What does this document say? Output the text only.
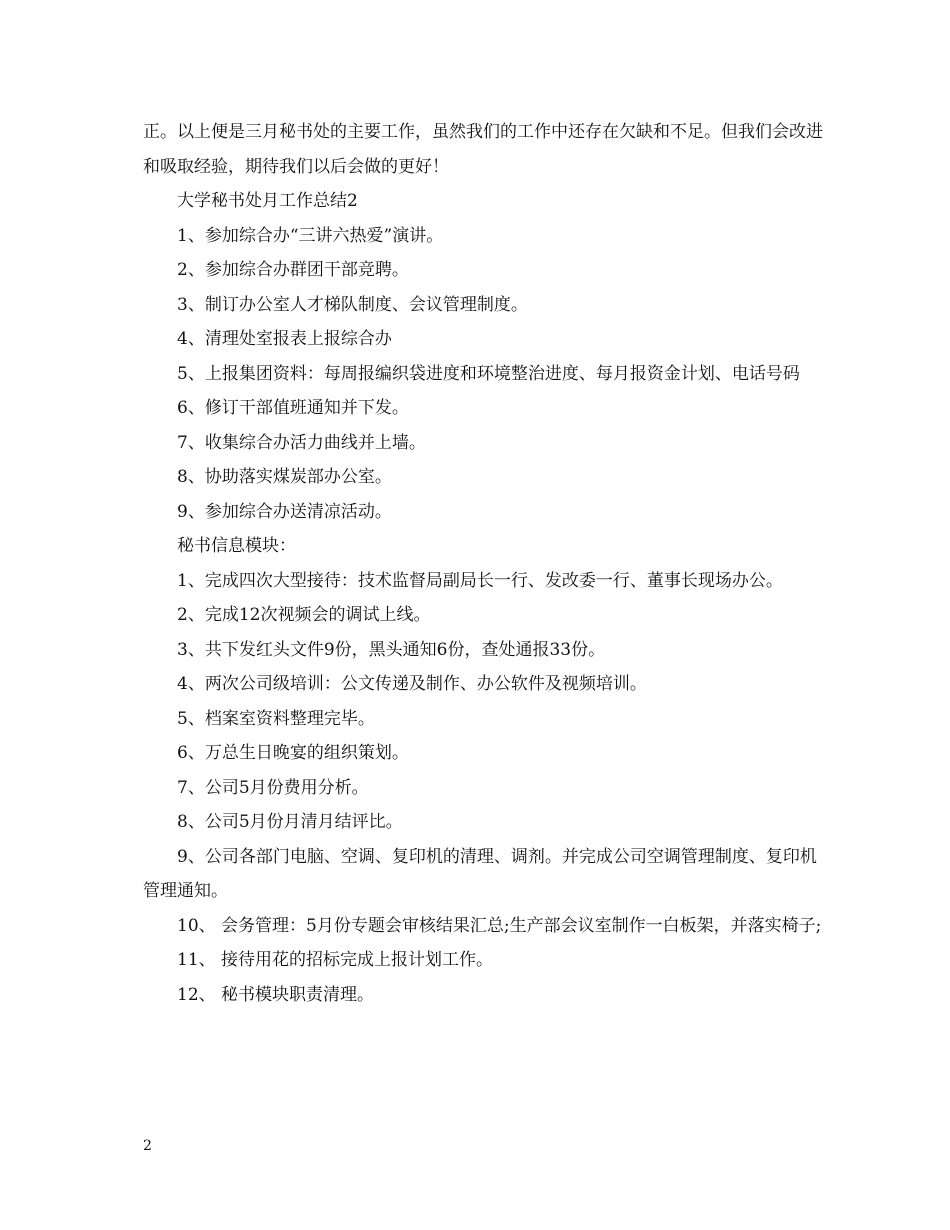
正。以上便是三月秘书处的主要工作，虽然我们的工作中还存在欠缺和不足。但我们会改进和吸取经验，期待我们以后会做的更好！

大学秘书处月工作总结2

1、参加综合办“三讲六热爱”演讲。

2、参加综合办群团干部竞聘。

3、制订办公室人才梯队制度、会议管理制度。

4、清理处室报表上报综合办

5、上报集团资料：每周报编织袋进度和环境整治进度、每月报资金计划、电话号码

6、修订干部值班通知并下发。

7、收集综合办活力曲线并上墙。

8、协助落实煤炭部办公室。

9、参加综合办送清凉活动。

秘书信息模块：

1、完成四次大型接待：技术监督局副局长一行、发改委一行、董事长现场办公。

2、完成12次视频会的调试上线。

3、共下发红头文件9份，黑头通知6份，查处通报33份。

4、两次公司级培训：公文传递及制作、办公软件及视频培训。

5、档案室资料整理完毕。

6、万总生日晚宴的组织策划。

7、公司5月份费用分析。

8、公司5月份月清月结评比。

9、公司各部门电脑、空调、复印机的清理、调剂。并完成公司空调管理制度、复印机管理通知。

10、 会务管理：5月份专题会审核结果汇总;生产部会议室制作一白板架，并落实椅子;

11、 接待用花的招标完成上报计划工作。

12、 秘书模块职责清理。

2
